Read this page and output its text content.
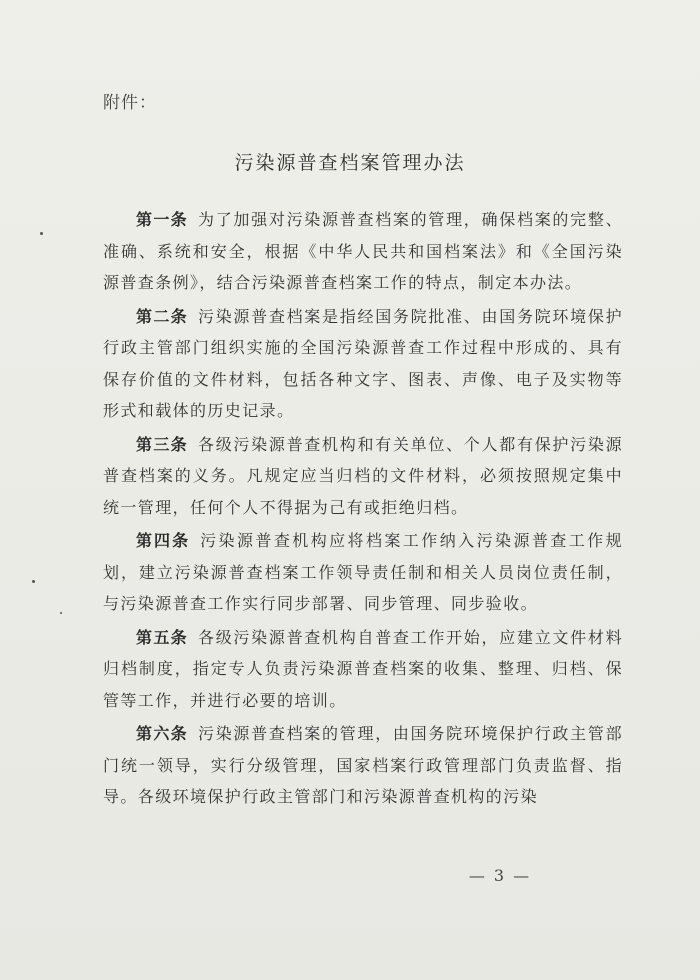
附件：
污染源普查档案管理办法

第一条 为了加强对污染源普查档案的管理，确保档案的完整、准确、系统和安全，根据《中华人民共和国档案法》和《全国污染源普查条例》，结合污染源普查档案工作的特点，制定本办法。

第二条 污染源普查档案是指经国务院批准、由国务院环境保护行政主管部门组织实施的全国污染源普查工作过程中形成的、具有保存价值的文件材料，包括各种文字、图表、声像、电子及实物等形式和载体的历史记录。

第三条 各级污染源普查机构和有关单位、个人都有保护污染源普查档案的义务。凡规定应当归档的文件材料，必须按照规定集中统一管理，任何个人不得据为己有或拒绝归档。

第四条 污染源普查机构应将档案工作纳入污染源普查工作规划，建立污染源普查档案工作领导责任制和相关人员岗位责任制，与污染源普查工作实行同步部署、同步管理、同步验收。

第五条 各级污染源普查机构自普查工作开始，应建立文件材料归档制度，指定专人负责污染源普查档案的收集、整理、归档、保管等工作，并进行必要的培训。

第六条 污染源普查档案的管理，由国务院环境保护行政主管部门统一领导，实行分级管理，国家档案行政管理部门负责监督、指导。各级环境保护行政主管部门和污染源普查机构的污染

— 3 —
